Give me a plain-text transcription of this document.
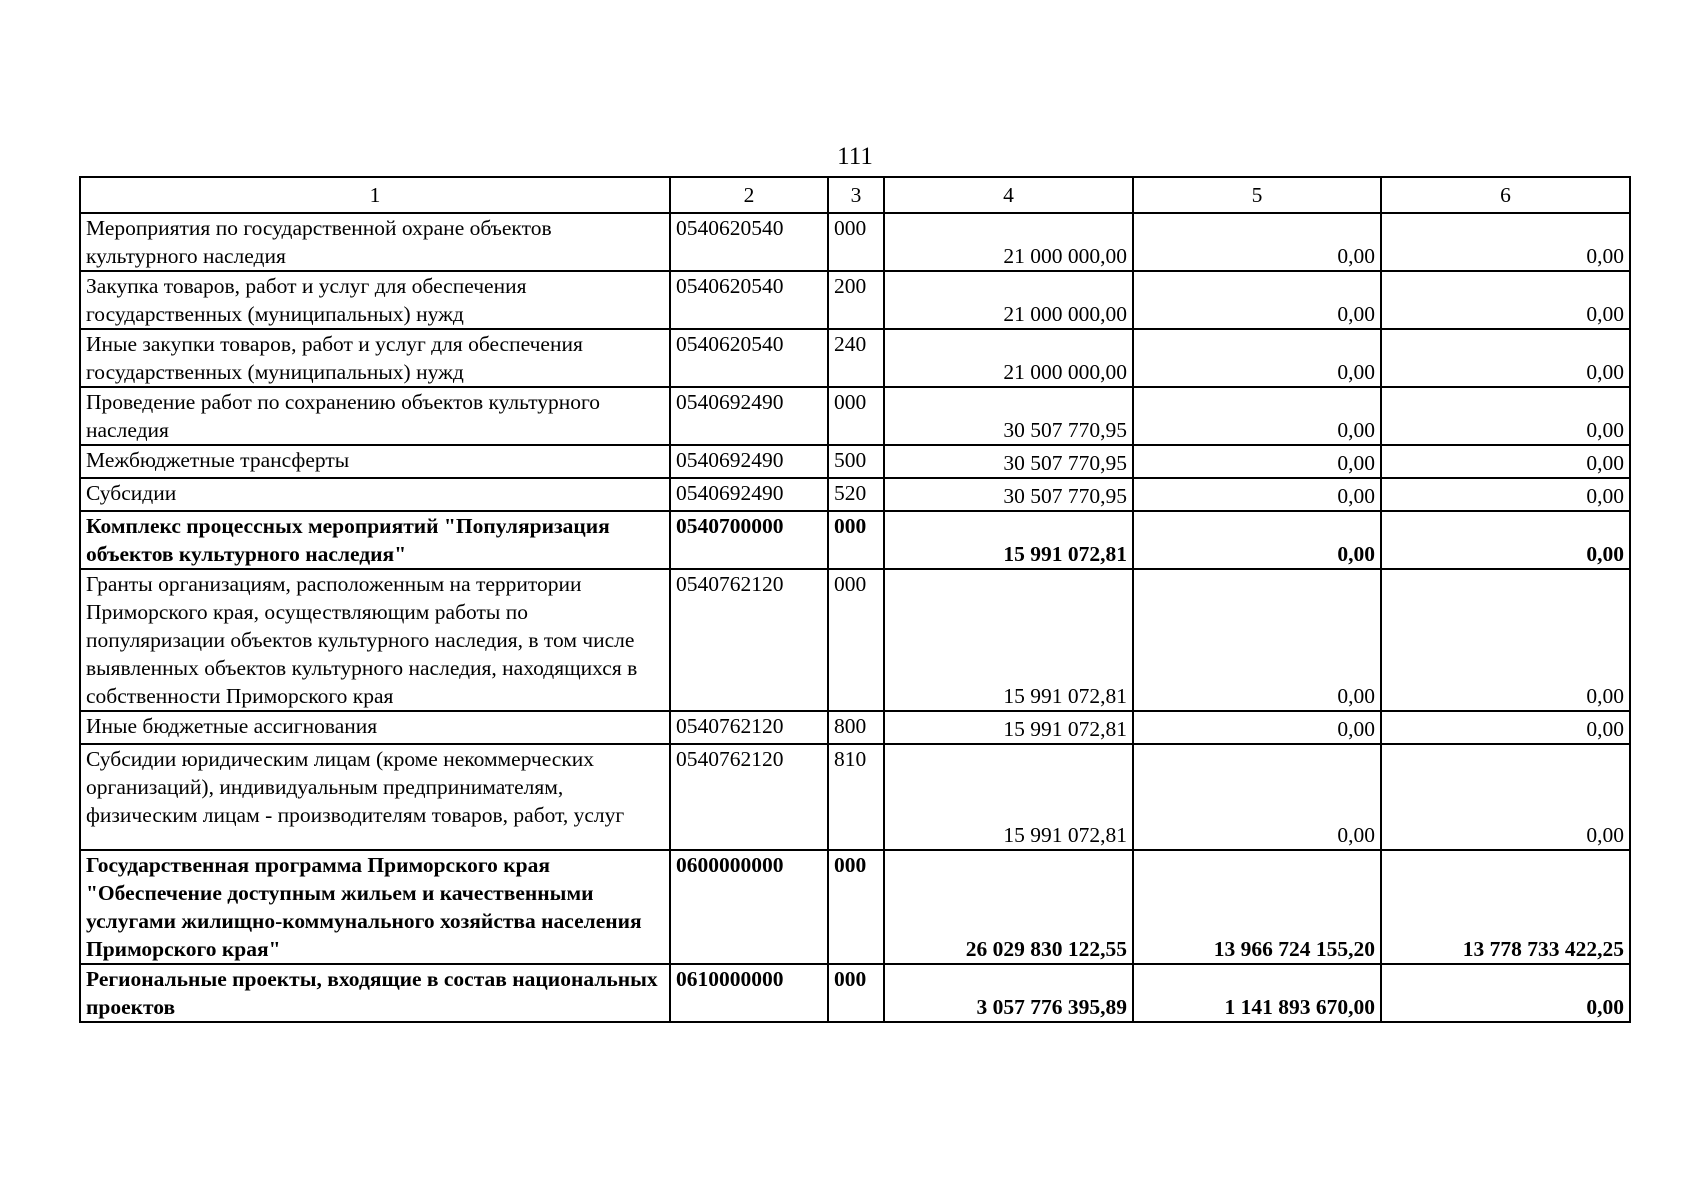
111
1	2	3	4	5	6
Мероприятия по государственной охране объектов культурного наследия	0540620540	000	21 000 000,00	0,00	0,00
Закупка товаров, работ и услуг для обеспечения государственных (муниципальных) нужд	0540620540	200	21 000 000,00	0,00	0,00
Иные закупки товаров, работ и услуг для обеспечения государственных (муниципальных) нужд	0540620540	240	21 000 000,00	0,00	0,00
Проведение работ по сохранению объектов культурного наследия	0540692490	000	30 507 770,95	0,00	0,00
Межбюджетные трансферты	0540692490	500	30 507 770,95	0,00	0,00
Субсидии	0540692490	520	30 507 770,95	0,00	0,00
Комплекс процессных мероприятий "Популяризация объектов культурного наследия"	0540700000	000	15 991 072,81	0,00	0,00
Гранты организациям, расположенным на территории Приморского края, осуществляющим работы по популяризации объектов культурного наследия, в том числе выявленных объектов культурного наследия, находящихся в собственности Приморского края	0540762120	000	15 991 072,81	0,00	0,00
Иные бюджетные ассигнования	0540762120	800	15 991 072,81	0,00	0,00
Субсидии юридическим лицам (кроме некоммерческих организаций), индивидуальным предпринимателям, физическим лицам - производителям товаров, работ, услуг	0540762120	810	15 991 072,81	0,00	0,00
Государственная программа Приморского края "Обеспечение доступным жильем и качественными услугами жилищно-коммунального хозяйства населения Приморского края"	0600000000	000	26 029 830 122,55	13 966 724 155,20	13 778 733 422,25
Региональные проекты, входящие в состав национальных проектов	0610000000	000	3 057 776 395,89	1 141 893 670,00	0,00
